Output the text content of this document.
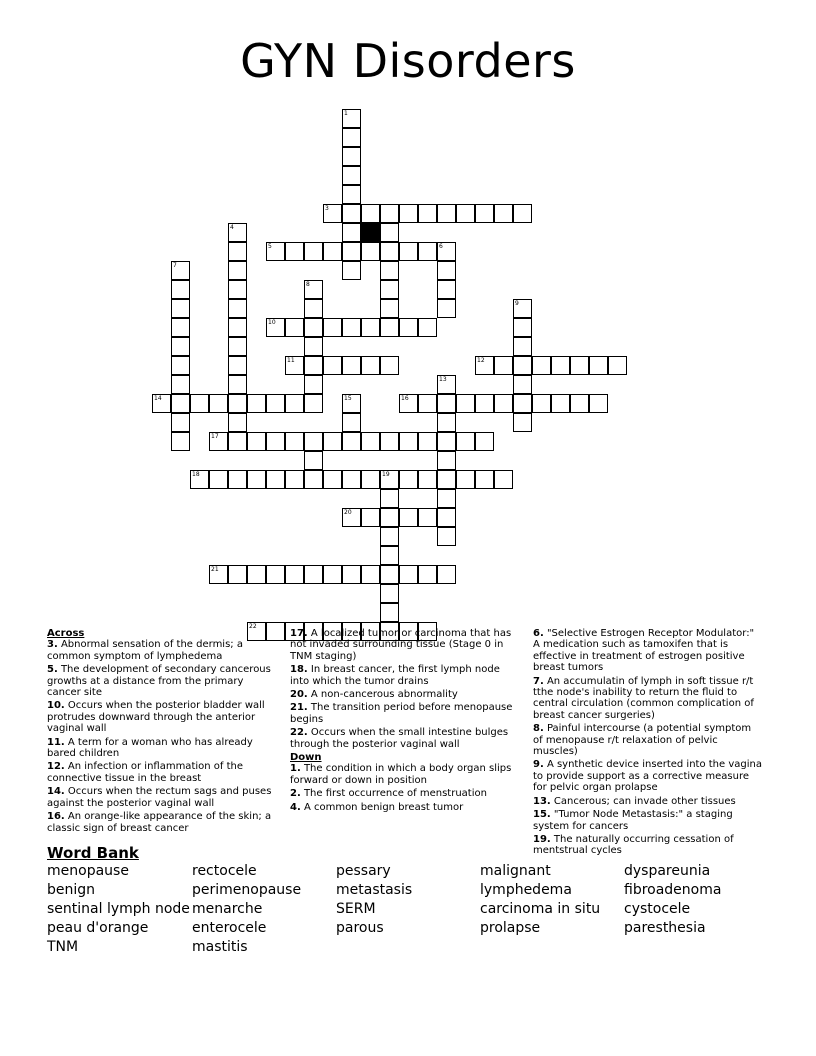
GYN Disorders
1
3
4
5	6
7
8
9
10
11	12
13
14	15	16
17
18	19
20
21
22
Across
3. Abnormal sensation of the dermis; a common symptom of lymphedema
5. The development of secondary cancerous growths at a distance from the primary cancer site
10. Occurs when the posterior bladder wall protrudes downward through the anterior vaginal wall
11. A term for a woman who has already bared children
12. An infection or inflammation of the connective tissue in the breast
14. Occurs when the rectum sags and puses against the posterior vaginal wall
16. An orange-like appearance of the skin; a classic sign of breast cancer
17. A localized tumor or carcinoma that has not invaded surrounding tissue (Stage 0 in TNM staging)
18. In breast cancer, the first lymph node into which the tumor drains
20. A non-cancerous abnormality
21. The transition period before menopause begins
22. Occurs when the small intestine bulges through the posterior vaginal wall
Down
1. The condition in which a body organ slips forward or down in position
2. The first occurrence of menstruation
4. A common benign breast tumor
6. "Selective Estrogen Receptor Modulator:" A medication such as tamoxifen that is effective in treatment of estrogen positive breast tumors
7. An accumulatin of lymph in soft tissue r/t tthe node's inability to return the fluid to central circulation (common complication of breast cancer surgeries)
8. Painful intercourse (a potential symptom of menopause r/t relaxation of pelvic muscles)
9. A synthetic device inserted into the vagina to provide support as a corrective measure for pelvic organ prolapse
13. Cancerous; can invade other tissues
15. "Tumor Node Metastasis:" a staging system for cancers
19. The naturally occurring cessation of mentstrual cycles
Word Bank
menopause
benign
sentinal lymph node
peau d'orange
TNM
rectocele
perimenopause
menarche
enterocele
mastitis
pessary
metastasis
SERM
parous
malignant
lymphedema
carcinoma in situ
prolapse
dyspareunia
fibroadenoma
cystocele
paresthesia
